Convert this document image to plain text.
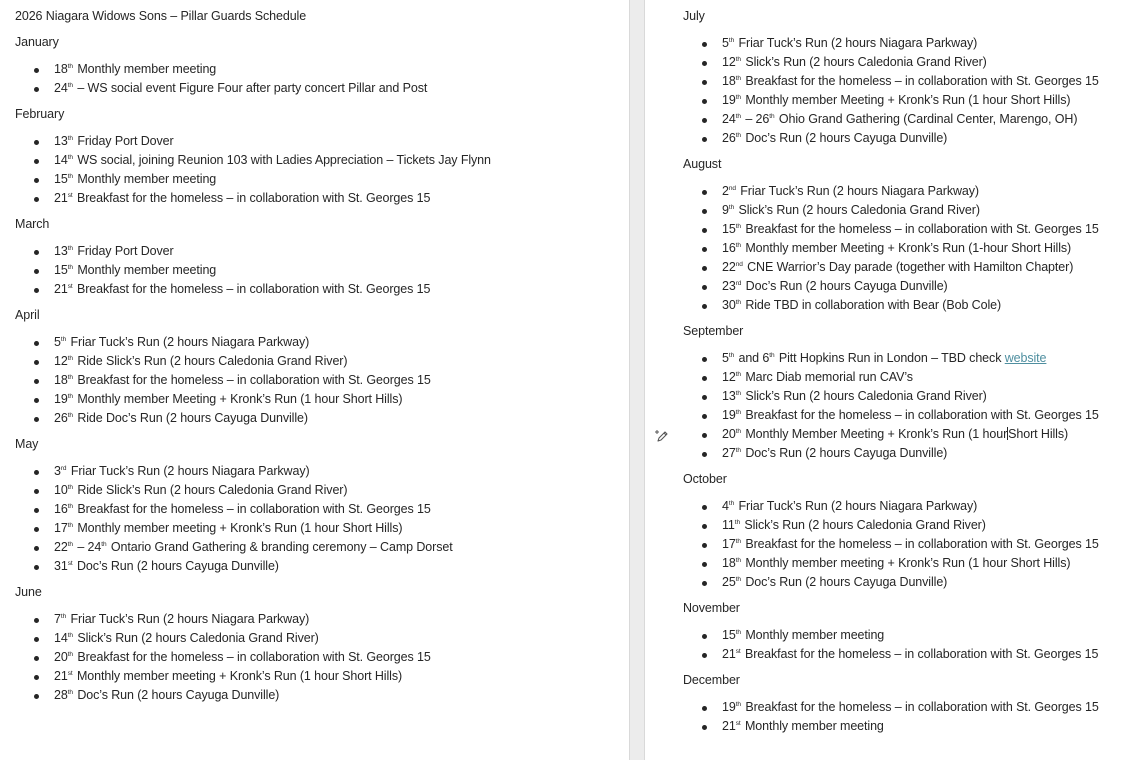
2026 Niagara Widows Sons – Pillar Guards Schedule
January
18th Monthly member meeting
24th – WS social event Figure Four after party concert Pillar and Post
February
13th Friday Port Dover
14th WS social, joining Reunion 103 with Ladies Appreciation – Tickets Jay Flynn
15th Monthly member meeting
21st Breakfast for the homeless – in collaboration with St. Georges 15
March
13th Friday Port Dover
15th Monthly member meeting
21st Breakfast for the homeless – in collaboration with St. Georges 15
April
5th Friar Tuck’s Run (2 hours Niagara Parkway)
12th Ride Slick’s Run (2 hours Caledonia Grand River)
18th Breakfast for the homeless – in collaboration with St. Georges 15
19th Monthly member Meeting + Kronk’s Run (1 hour Short Hills)
26th Ride Doc’s Run (2 hours Cayuga Dunville)
May
3rd Friar Tuck’s Run (2 hours Niagara Parkway)
10th Ride Slick’s Run (2 hours Caledonia Grand River)
16th Breakfast for the homeless – in collaboration with St. Georges 15
17th Monthly member meeting + Kronk’s Run (1 hour Short Hills)
22th – 24th Ontario Grand Gathering & branding ceremony – Camp Dorset
31st Doc’s Run (2 hours Cayuga Dunville)
June
7th Friar Tuck’s Run (2 hours Niagara Parkway)
14th Slick’s Run (2 hours Caledonia Grand River)
20th Breakfast for the homeless – in collaboration with St. Georges 15
21st Monthly member meeting + Kronk’s Run (1 hour Short Hills)
28th Doc’s Run (2 hours Cayuga Dunville)
July
5th Friar Tuck’s Run (2 hours Niagara Parkway)
12th Slick’s Run (2 hours Caledonia Grand River)
18th Breakfast for the homeless – in collaboration with St. Georges 15
19th Monthly member Meeting + Kronk’s Run (1 hour Short Hills)
24th – 26th Ohio Grand Gathering (Cardinal Center, Marengo, OH)
26th Doc’s Run (2 hours Cayuga Dunville)
August
2nd Friar Tuck’s Run (2 hours Niagara Parkway)
9th Slick’s Run (2 hours Caledonia Grand River)
15th Breakfast for the homeless – in collaboration with St. Georges 15
16th Monthly member Meeting + Kronk’s Run (1-hour Short Hills)
22nd CNE Warrior’s Day parade (together with Hamilton Chapter)
23rd Doc’s Run (2 hours Cayuga Dunville)
30th Ride TBD in collaboration with Bear (Bob Cole)
September
5th and 6th Pitt Hopkins Run in London – TBD check website
12th Marc Diab memorial run CAV’s
13th Slick’s Run (2 hours Caledonia Grand River)
19th Breakfast for the homeless – in collaboration with St. Georges 15
20th Monthly Member Meeting + Kronk’s Run (1 hourShort Hills)
27th Doc’s Run (2 hours Cayuga Dunville)
October
4th Friar Tuck’s Run (2 hours Niagara Parkway)
11th Slick’s Run (2 hours Caledonia Grand River)
17th Breakfast for the homeless – in collaboration with St. Georges 15
18th Monthly member meeting + Kronk’s Run (1 hour Short Hills)
25th Doc’s Run (2 hours Cayuga Dunville)
November
15th Monthly member meeting
21st Breakfast for the homeless – in collaboration with St. Georges 15
December
19th Breakfast for the homeless – in collaboration with St. Georges 15
21st Monthly member meeting
